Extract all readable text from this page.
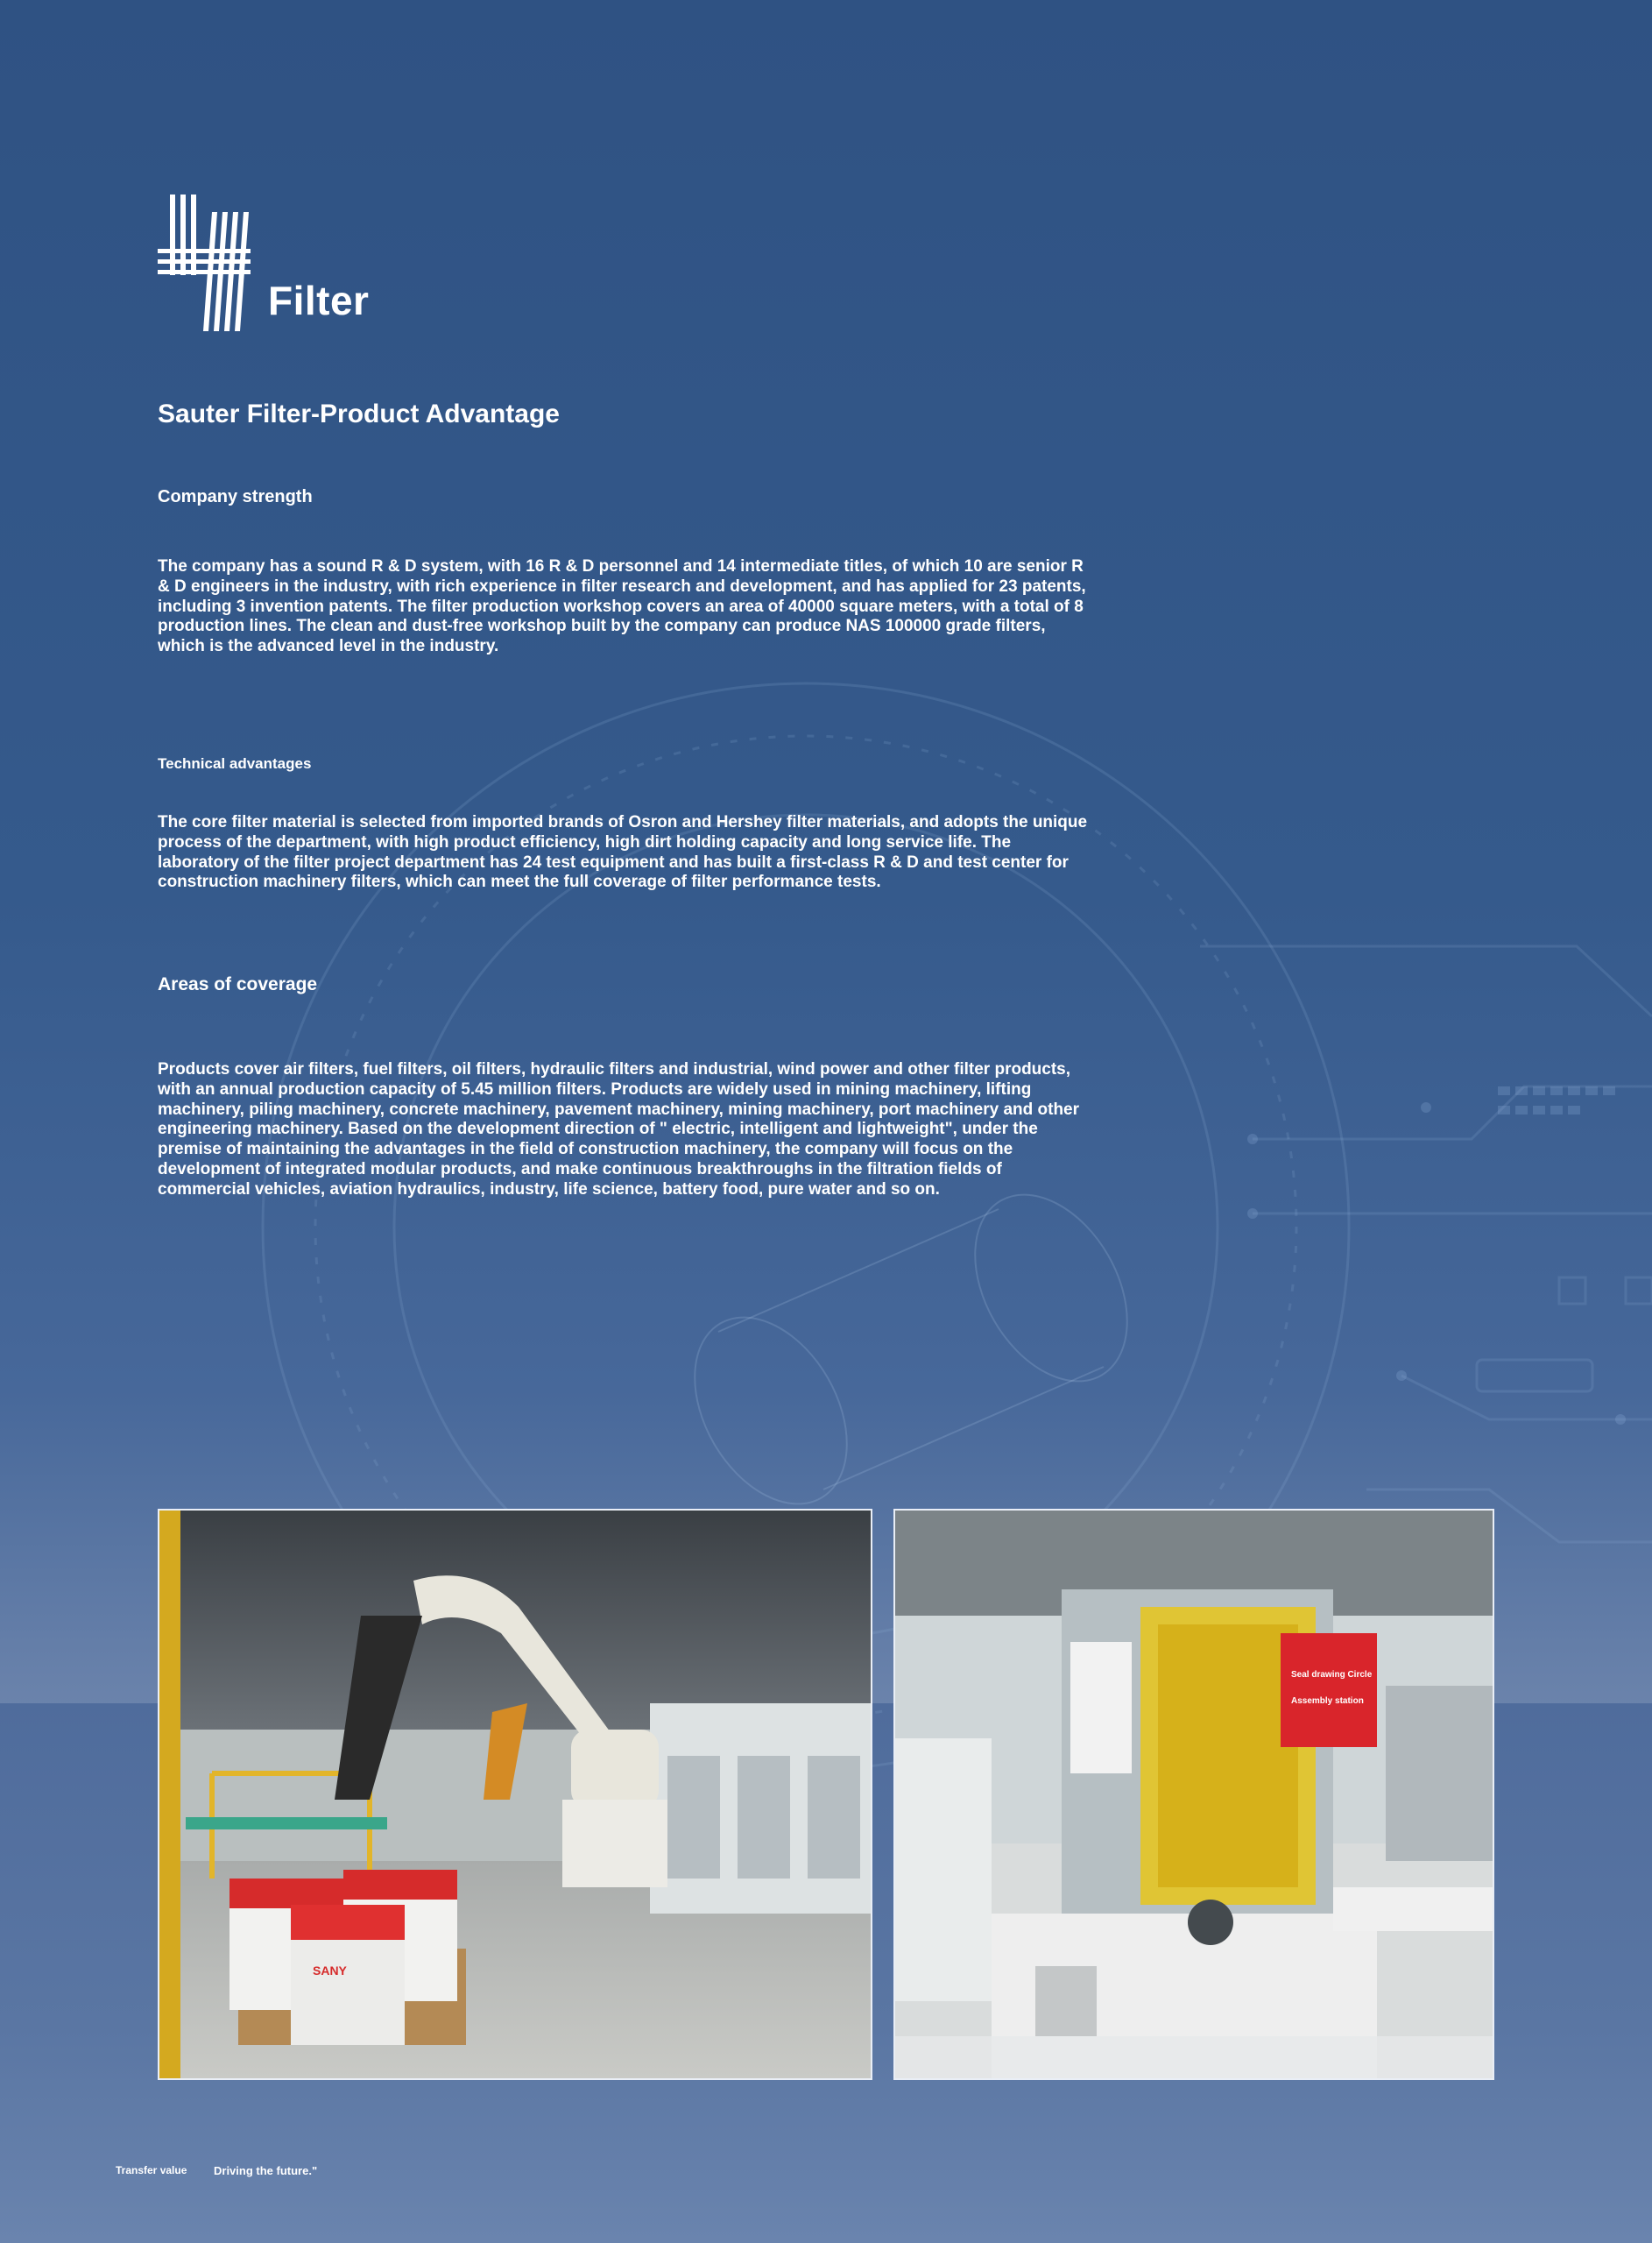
Filter
Sauter Filter-Product Advantage
Company strength

The company has a sound R & D system, with 16 R & D personnel and 14 intermediate titles, of which 10 are senior R & D engineers in the industry, with rich experience in filter research and development, and has applied for 23 patents, including 3 invention patents. The filter production workshop covers an area of 40000 square meters, with a total of 8 production lines. The clean and dust-free workshop built by the company can produce NAS 100000 grade filters, which is the advanced level in the industry.

Technical advantages

The core filter material is selected from imported brands of Osron and Hershey filter materials, and adopts the unique process of the department, with high product efficiency, high dirt holding capacity and long service life. The laboratory of the filter project department has 24 test equipment and has built a first-class R & D and test center for construction machinery filters, which can meet the full coverage of filter performance tests.

Areas of coverage

Products cover air filters, fuel filters, oil filters, hydraulic filters and industrial, wind power and other filter products, with an annual production capacity of 5.45 million filters. Products are widely used in mining machinery, lifting machinery, piling machinery, concrete machinery, pavement machinery, mining machinery, port machinery and other engineering machinery. Based on the development direction of " electric, intelligent and lightweight", under the premise of maintaining the advantages in the field of construction machinery, the company will focus on the development of integrated modular products, and make continuous breakthroughs in the filtration fields of commercial vehicles, aviation hydraulics, industry, life science, battery food, pure water and so on.

SANY
Seal drawing Circle
Assembly station
Transfer value Driving the future."
